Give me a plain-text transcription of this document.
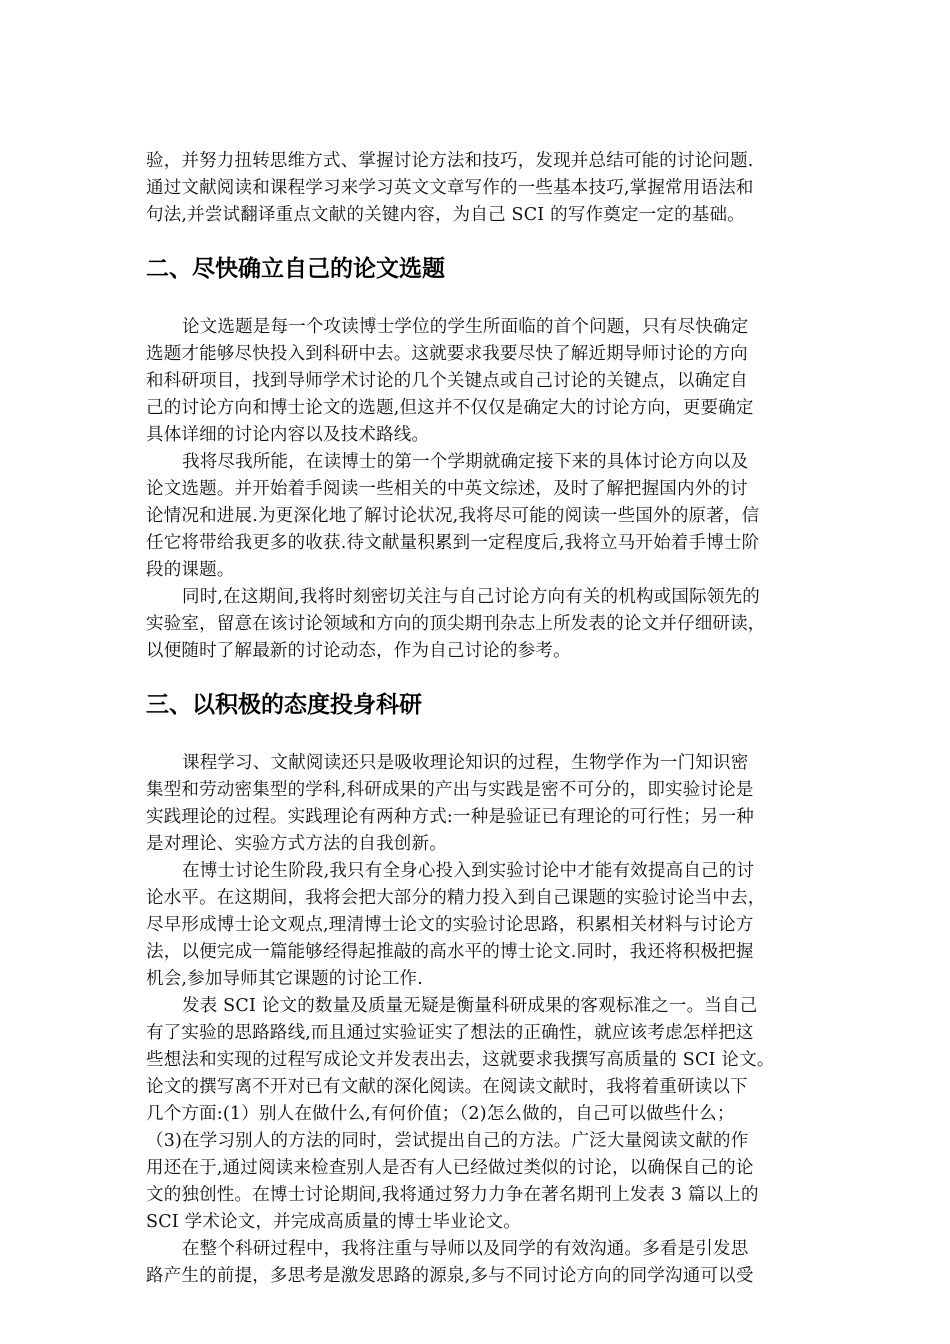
验，并努力扭转思维方式、掌握讨论方法和技巧，发现并总结可能的讨论问题.
通过文献阅读和课程学习来学习英文文章写作的一些基本技巧,掌握常用语法和
句法,并尝试翻译重点文献的关键内容，为自己 SCI 的写作奠定一定的基础。
二、尽快确立自己的论文选题
论文选题是每一个攻读博士学位的学生所面临的首个问题，只有尽快确定
选题才能够尽快投入到科研中去。这就要求我要尽快了解近期导师讨论的方向
和科研项目，找到导师学术讨论的几个关键点或自己讨论的关键点，以确定自
己的讨论方向和博士论文的选题,但这并不仅仅是确定大的讨论方向，更要确定
具体详细的讨论内容以及技术路线。
我将尽我所能，在读博士的第一个学期就确定接下来的具体讨论方向以及
论文选题。并开始着手阅读一些相关的中英文综述，及时了解把握国内外的讨
论情况和进展.为更深化地了解讨论状况,我将尽可能的阅读一些国外的原著，信
任它将带给我更多的收获.待文献量积累到一定程度后,我将立马开始着手博士阶
段的课题。
同时,在这期间,我将时刻密切关注与自己讨论方向有关的机构或国际领先的
实验室，留意在该讨论领域和方向的顶尖期刊杂志上所发表的论文并仔细研读，
以便随时了解最新的讨论动态，作为自己讨论的参考。
三、以积极的态度投身科研
课程学习、文献阅读还只是吸收理论知识的过程，生物学作为一门知识密
集型和劳动密集型的学科,科研成果的产出与实践是密不可分的，即实验讨论是
实践理论的过程。实践理论有两种方式:一种是验证已有理论的可行性；另一种
是对理论、实验方式方法的自我创新。
在博士讨论生阶段,我只有全身心投入到实验讨论中才能有效提高自己的讨
论水平。在这期间，我将会把大部分的精力投入到自己课题的实验讨论当中去，
尽早形成博士论文观点,理清博士论文的实验讨论思路，积累相关材料与讨论方
法，以便完成一篇能够经得起推敲的高水平的博士论文.同时，我还将积极把握
机会,参加导师其它课题的讨论工作.
发表 SCI 论文的数量及质量无疑是衡量科研成果的客观标准之一。当自己
有了实验的思路路线,而且通过实验证实了想法的正确性，就应该考虑怎样把这
些想法和实现的过程写成论文并发表出去，这就要求我撰写高质量的 SCI 论文。
论文的撰写离不开对已有文献的深化阅读。在阅读文献时，我将着重研读以下
几个方面:(1）别人在做什么,有何价值；（2)怎么做的，自己可以做些什么；
（3)在学习别人的方法的同时，尝试提出自己的方法。广泛大量阅读文献的作
用还在于,通过阅读来检查别人是否有人已经做过类似的讨论，以确保自己的论
文的独创性。在博士讨论期间,我将通过努力力争在著名期刊上发表 3 篇以上的
SCI 学术论文，并完成高质量的博士毕业论文。
在整个科研过程中，我将注重与导师以及同学的有效沟通。多看是引发思
路产生的前提，多思考是激发思路的源泉,多与不同讨论方向的同学沟通可以受
